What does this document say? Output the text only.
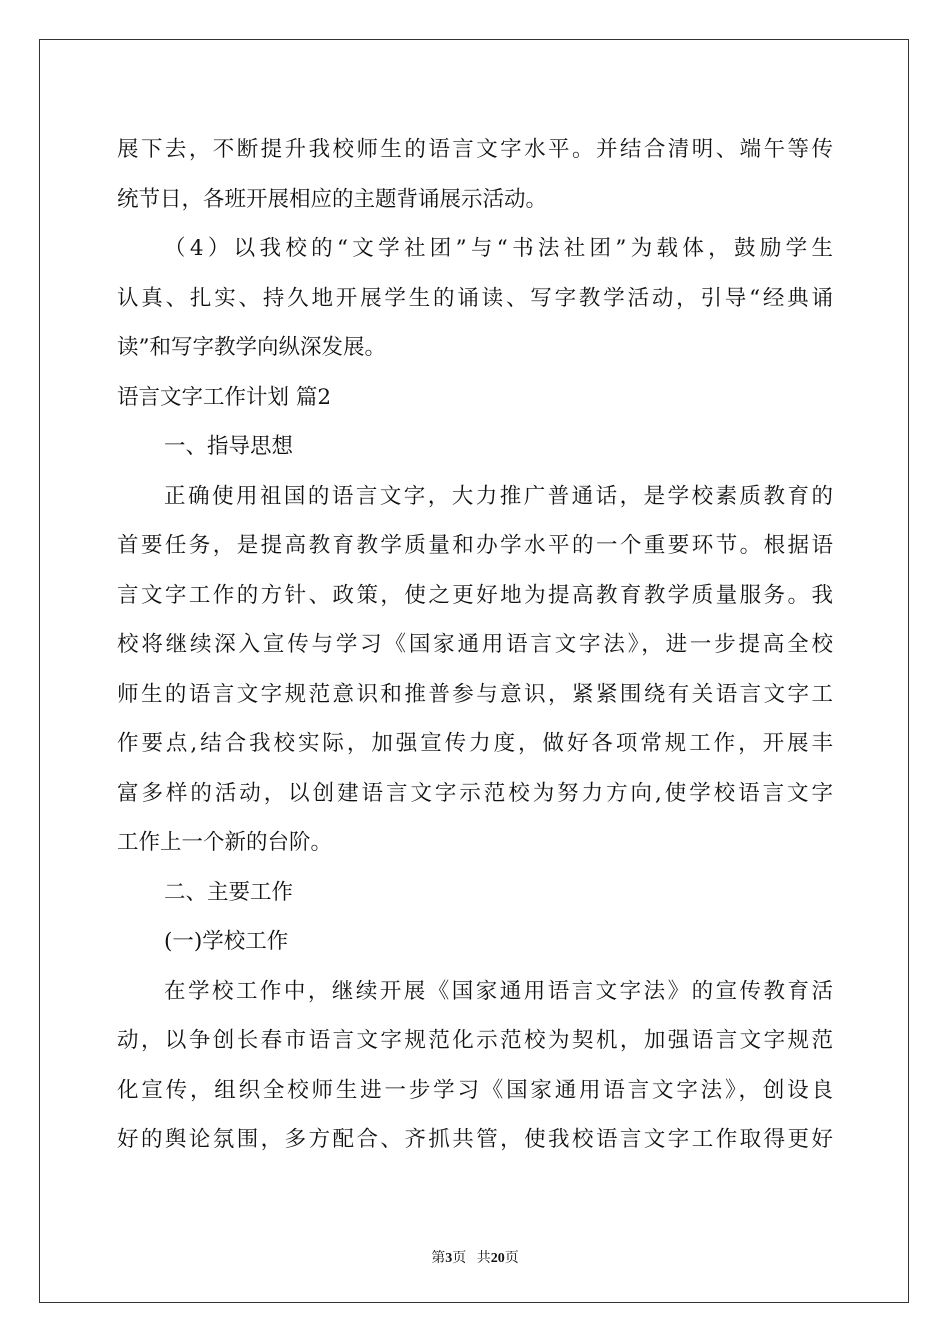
展下去，不断提升我校师生的语言文字水平。并结合清明、端午等传
统节日，各班开展相应的主题背诵展示活动。
（4）以我校的“文学社团”与“书法社团”为载体，鼓励学生
认真、扎实、持久地开展学生的诵读、写字教学活动，引导“经典诵
读”和写字教学向纵深发展。
语言文字工作计划 篇2
一、指导思想
正确使用祖国的语言文字，大力推广普通话，是学校素质教育的
首要任务，是提高教育教学质量和办学水平的一个重要环节。根据语
言文字工作的方针、政策，使之更好地为提高教育教学质量服务。我
校将继续深入宣传与学习《国家通用语言文字法》，进一步提高全校
师生的语言文字规范意识和推普参与意识，紧紧围绕有关语言文字工
作要点,结合我校实际，加强宣传力度，做好各项常规工作，开展丰
富多样的活动，以创建语言文字示范校为努力方向,使学校语言文字
工作上一个新的台阶。
二、主要工作
(一)学校工作
在学校工作中，继续开展《国家通用语言文字法》的宣传教育活
动，以争创长春市语言文字规范化示范校为契机，加强语言文字规范
化宣传，组织全校师生进一步学习《国家通用语言文字法》，创设良
好的舆论氛围，多方配合、齐抓共管，使我校语言文字工作取得更好
第3页 共20页
